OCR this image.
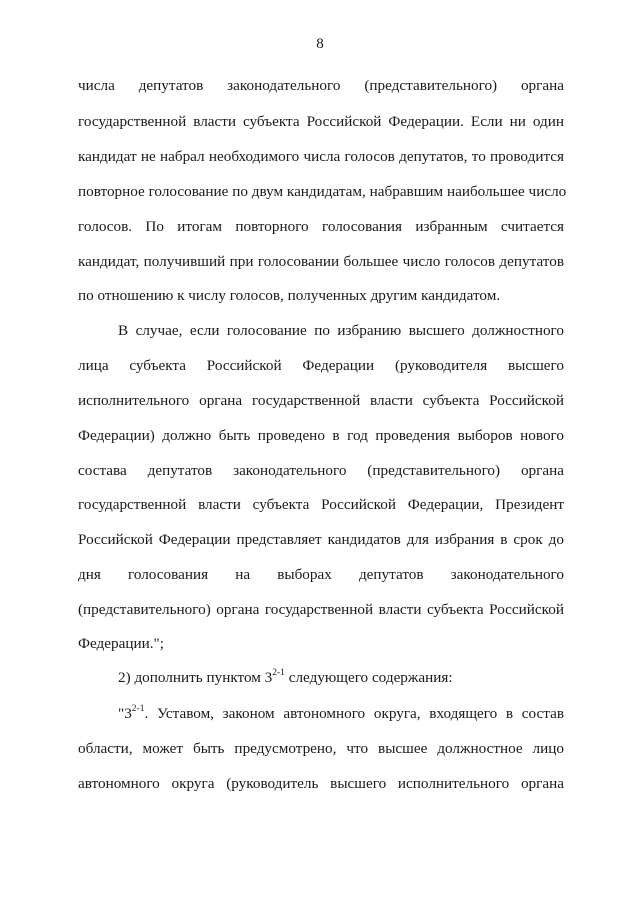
8
числа депутатов законодательного (представительного) органа
государственной власти субъекта Российской Федерации. Если ни один
кандидат не набрал необходимого числа голосов депутатов, то проводится
повторное голосование по двум кандидатам, набравшим наибольшее число
голосов. По итогам повторного голосования избранным считается
кандидат, получивший при голосовании большее число голосов депутатов
по отношению к числу голосов, полученных другим кандидатом.
В случае, если голосование по избранию высшего должностного
лица субъекта Российской Федерации (руководителя высшего
исполнительного органа государственной власти субъекта Российской
Федерации) должно быть проведено в год проведения выборов нового
состава депутатов законодательного (представительного) органа
государственной власти субъекта Российской Федерации, Президент
Российской Федерации представляет кандидатов для избрания в срок до
дня голосования на выборах депутатов законодательного
(представительного) органа государственной власти субъекта Российской
Федерации.";
2) дополнить пунктом 3$^{2-1}$ следующего содержания:
"3$^{2-1}$. Уставом, законом автономного округа, входящего в состав
области, может быть предусмотрено, что высшее должностное лицо
автономного округа (руководитель высшего исполнительного органа
